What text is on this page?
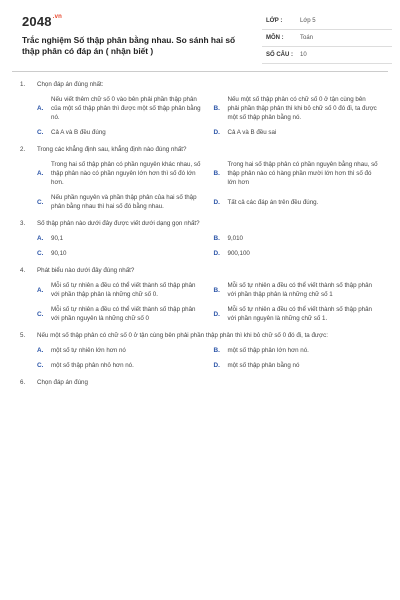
$2048^{.vn}$
Trắc nghiệm Số thập phân bằng nhau. So sánh hai số thập phân có đáp án ( nhận biết )
LỚP :	Lớp 5
MÔN :	Toán
SỐ CÂU : 10
1.	Chọn đáp án đúng nhất:
A.
Nếu viết thêm chữ số 0 vào bên phải phần thập phân của một số thập phân thì được một số thập phân bằng nó.
B.
Nếu một số thập phân có chữ số 0 ở tận cùng bên phải phần thập phân thì khi bỏ chữ số 0 đó đi, ta được một số thập phân bằng nó.
C.	Cả A và B đều đúng	D.	Cả A và B đều sai
2.	Trong các khẳng định sau, khẳng định nào đúng nhất?
A.
Trong hai số thập phân có phần nguyên khác nhau, số thập phân nào có phần nguyên lớn hơn thì số đó lớn hơn.
B.
Trong hai số thập phân có phần nguyên bằng nhau, số thập phân nào có hàng phần mười lớn hơn thì số đó lớn hơn
C.
Nếu phần nguyên và phần thập phân của hai số thập phân bằng nhau thì hai số đó bằng nhau.
D.	Tất cả các đáp án trên đều đúng.
3.	Số thập phân nào dưới đây được viết dưới dạng gọn nhất?
A.	90,1	B.	9,010
C.	90,10	D.	900,100
4.	Phát biểu nào dưới đây đúng nhất?
A.
Mỗi số tự nhiên a đều có thể viết thành số thập phân với phần thập phân là những chữ số 0.
B.
Mỗi số tự nhiên a đều có thể viết thành số thập phân với phần thập phân là những chữ số 1
C.
Mỗi số tự nhiên a đều có thể viết thành số thập phân với phần nguyên là những chữ số 0
D.
Mỗi số tự nhiên a đều có thể viết thành số thập phân với phần nguyên là những chữ số 1.
5.	Nếu một số thập phân có chữ số 0 ở tận cùng bên phải phần thập phân thì khi bỏ chữ số 0 đó đi, ta được:
A.	một số tự nhiên lớn hơn nó	B.	một số thập phân lớn hơn nó.
C.	một số thập phân nhỏ hơn nó.	D.	một số thập phân bằng nó
6.	Chọn đáp án đúng
